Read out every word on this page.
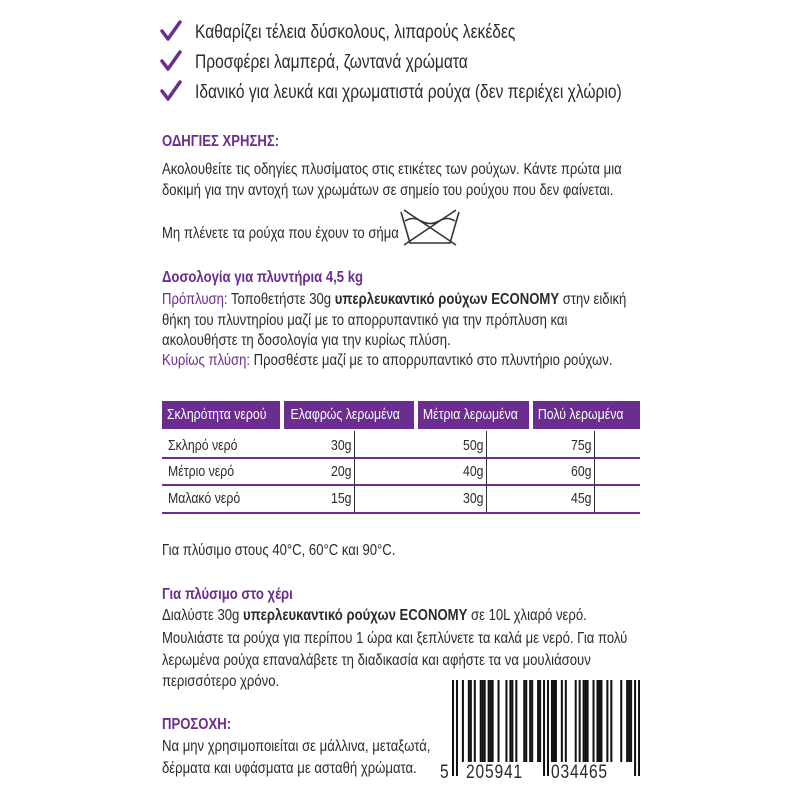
Καθαρίζει τέλεια δύσκολους, λιπαρούς λεκέδες
Προσφέρει λαμπερά, ζωντανά χρώματα
Ιδανικό για λευκά και χρωματιστά ρούχα (δεν περιέχει χλώριο)
ΟΔΗΓΙΕΣ ΧΡΗΣΗΣ:
Ακολουθείτε τις οδηγίες πλυσίματος στις ετικέτες των ρούχων. Κάντε πρώτα μια
δοκιμή για την αντοχή των χρωμάτων σε σημείο του ρούχου που δεν φαίνεται.
Μη πλένετε τα ρούχα που έχουν το σήμα
Δοσολογία για πλυντήρια 4,5 kg
Πρόπλυση: Τοποθετήστε 30g υπερλευκαντικό ρούχων ECONOMY στην ειδική
θήκη του πλυντηρίου μαζί με το απορρυπαντικό για την πρόπλυση και
ακολουθήστε τη δοσολογία για την κυρίως πλύση.
Κυρίως πλύση: Προσθέστε μαζί με το απορρυπαντικό στο πλυντήριο ρούχων.
Σκληρότητα νερού	Ελαφρώς λερωμένα	Μέτρια λερωμένα	Πολύ λερωμένα
Σκληρό νερό	30g	50g	75g
Μέτριο νερό	20g	40g	60g
Μαλακό νερό	15g	30g	45g
Για πλύσιμο στους 40°C, 60°C και 90°C.
Για πλύσιμο στο χέρι
Διαλύστε 30g υπερλευκαντικό ρούχων ECONOMY σε 10L χλιαρό νερό.
Μουλιάστε τα ρούχα για περίπου 1 ώρα και ξεπλύνετε τα καλά με νερό. Για πολύ
λερωμένα ρούχα επαναλάβετε τη διαδικασία και αφήστε τα να μουλιάσουν
περισσότερο χρόνο.
ΠΡΟΣΟΧΗ:
Να μην χρησιμοποιείται σε μάλλινα, μεταξωτά,
δέρματα και υφάσματα με ασταθή χρώματα.	5 205941	034465
